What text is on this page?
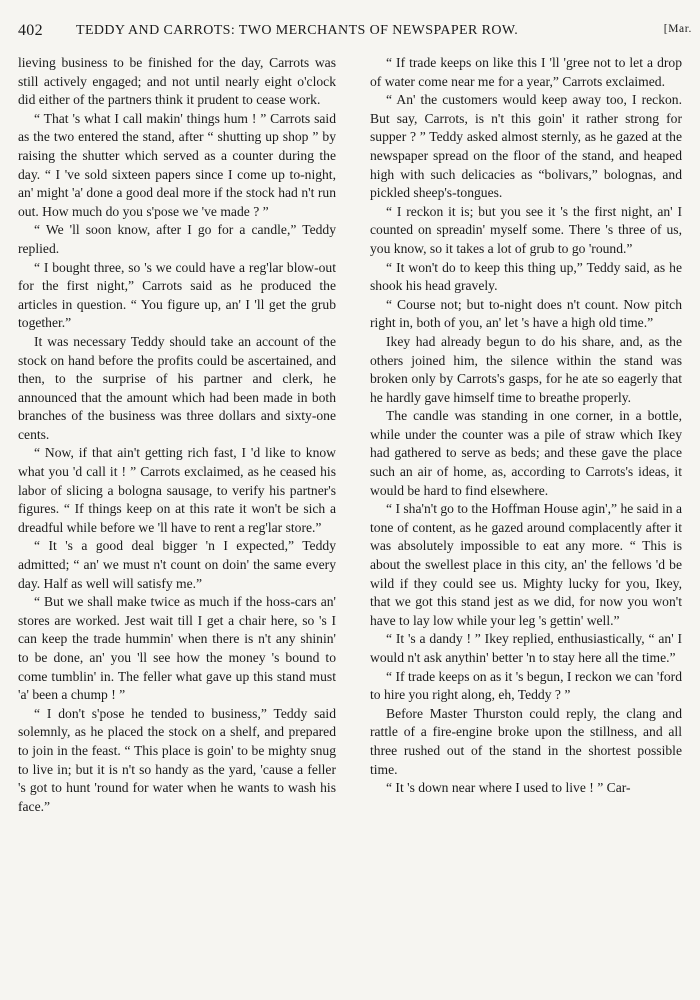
402 TEDDY AND CARROTS: TWO MERCHANTS OF NEWSPAPER ROW.	[Mar.

lieving business to be finished for the day, Carrots was still actively engaged; and not until nearly eight o'clock did either of the partners think it prudent to cease work.

“ That 's what I call makin' things hum ! ” Carrots said as the two entered the stand, after “ shutting up shop ” by raising the shutter which served as a counter during the day. “ I 've sold sixteen papers since I come up to-night, an' might 'a' done a good deal more if the stock had n't run out. How much do you s'pose we 've made ? ”

“ We 'll soon know, after I go for a candle,” Teddy replied.

“ I bought three, so 's we could have a reg'lar blow-out for the first night,” Carrots said as he produced the articles in question. “ You figure up, an' I 'll get the grub together.”

It was necessary Teddy should take an account of the stock on hand before the profits could be ascertained, and then, to the surprise of his partner and clerk, he announced that the amount which had been made in both branches of the business was three dollars and sixty-one cents.

“ Now, if that ain't getting rich fast, I 'd like to know what you 'd call it ! ” Carrots exclaimed, as he ceased his labor of slicing a bologna sausage, to verify his partner's figures. “ If things keep on at this rate it won't be sich a dreadful while before we 'll have to rent a reg'lar store.”

“ It 's a good deal bigger 'n I expected,” Teddy admitted; “ an' we must n't count on doin' the same every day. Half as well will satisfy me.”

“ But we shall make twice as much if the hoss-cars an' stores are worked. Jest wait till I get a chair here, so 's I can keep the trade hummin' when there is n't any shinin' to be done, an' you 'll see how the money 's bound to come tumblin' in. The feller what gave up this stand must 'a' been a chump ! ”

“ I don't s'pose he tended to business,” Teddy said solemnly, as he placed the stock on a shelf, and prepared to join in the feast. “ This place is goin' to be mighty snug to live in; but it is n't so handy as the yard, 'cause a feller 's got to hunt 'round for water when he wants to wash his face.”

“ If trade keeps on like this I 'll 'gree not to let a drop of water come near me for a year,” Carrots exclaimed.

“ An' the customers would keep away too, I reckon. But say, Carrots, is n't this goin' it rather strong for supper ? ” Teddy asked almost sternly, as he gazed at the newspaper spread on the floor of the stand, and heaped high with such delicacies as “bolivars,” bolognas, and pickled sheep's-tongues.

“ I reckon it is; but you see it 's the first night, an' I counted on spreadin' myself some. There 's three of us, you know, so it takes a lot of grub to go 'round.”

“ It won't do to keep this thing up,” Teddy said, as he shook his head gravely.

“ Course not; but to-night does n't count. Now pitch right in, both of you, an' let 's have a high old time.”

Ikey had already begun to do his share, and, as the others joined him, the silence within the stand was broken only by Carrots's gasps, for he ate so eagerly that he hardly gave himself time to breathe properly.

The candle was standing in one corner, in a bottle, while under the counter was a pile of straw which Ikey had gathered to serve as beds; and these gave the place such an air of home, as, according to Carrots's ideas, it would be hard to find elsewhere.

“ I sha'n't go to the Hoffman House agin',” he said in a tone of content, as he gazed around complacently after it was absolutely impossible to eat any more. “ This is about the swellest place in this city, an' the fellows 'd be wild if they could see us. Mighty lucky for you, Ikey, that we got this stand jest as we did, for now you won't have to lay low while your leg 's gettin' well.”

“ It 's a dandy ! ” Ikey replied, enthusiastically, “ an' I would n't ask anythin' better 'n to stay here all the time.”

“ If trade keeps on as it 's begun, I reckon we can 'ford to hire you right along, eh, Teddy ? ”

Before Master Thurston could reply, the clang and rattle of a fire-engine broke upon the stillness, and all three rushed out of the stand in the shortest possible time.

“ It 's down near where I used to live ! ” Car-
